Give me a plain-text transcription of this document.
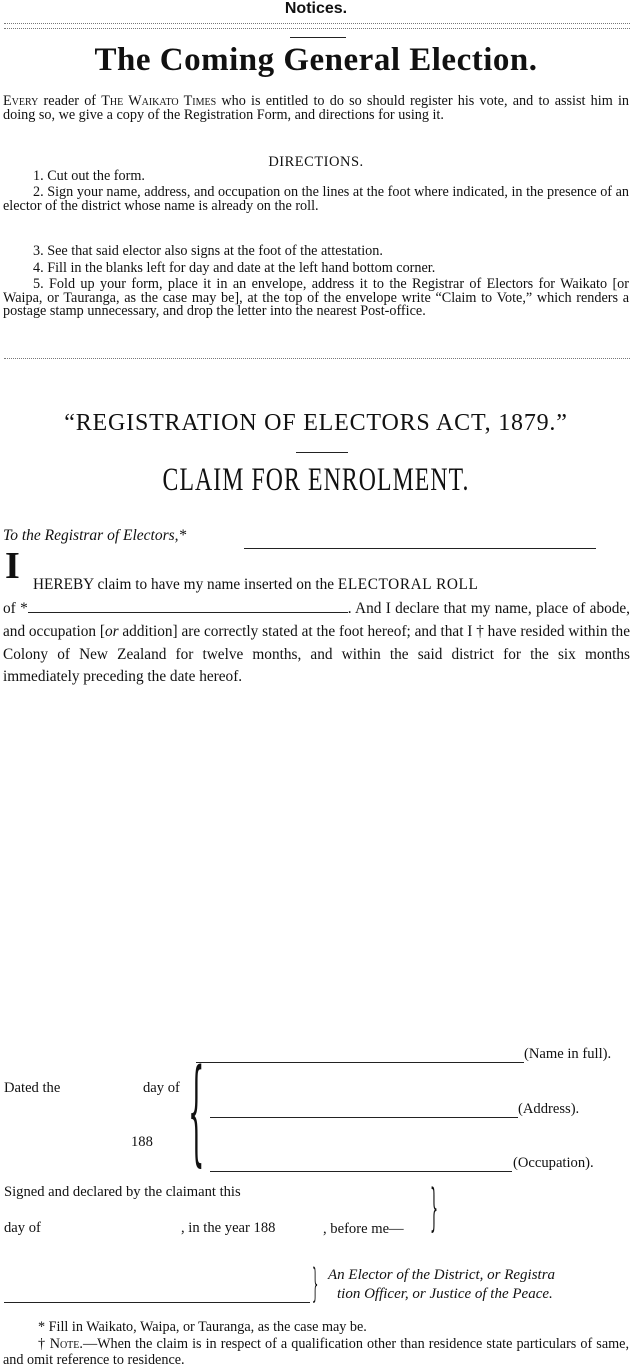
Notices.
The Coming General Election.
Every reader of The Waikato Times who is entitled to do so should register his vote, and to assist him in doing so, we give a copy of the Registration Form, and directions for using it.
DIRECTIONS.
1. Cut out the form.
2. Sign your name, address, and occupation on the lines at the foot where indicated, in the presence of an elector of the district whose name is already on the roll.
3. See that said elector also signs at the foot of the attestation.
4. Fill in the blanks left for day and date at the left hand bottom corner.
5. Fold up your form, place it in an envelope, address it to the Registrar of Electors for Waikato [or Waipa, or Tauranga, as the case may be], at the top of the envelope write “Claim to Vote,” which renders a postage stamp unnecessary, and drop the letter into the nearest Post-office.
“REGISTRATION OF ELECTORS ACT, 1879.”
CLAIM FOR ENROLMENT.
To the Registrar of Electors,*
I HEREBY claim to have my name inserted on the ELECTORAL ROLL
of *	. And I declare that my name, place of abode, and occupation [or addition] are correctly stated at the foot hereof; and that I † have resided within the Colony of New Zealand for twelve months, and within the said district for the six months immediately preceding the date hereof.
(Name in full).
Dated the	day of
(Address).
188
(Occupation).
{
Signed and declared by the claimant this
day of	, in the year 188	, before me— }
} An Elector of the District, or Registra
tion Officer, or Justice of the Peace.
* Fill in Waikato, Waipa, or Tauranga, as the case may be.
† Note.—When the claim is in respect of a qualification other than residence state particulars of same, and omit reference to residence.
